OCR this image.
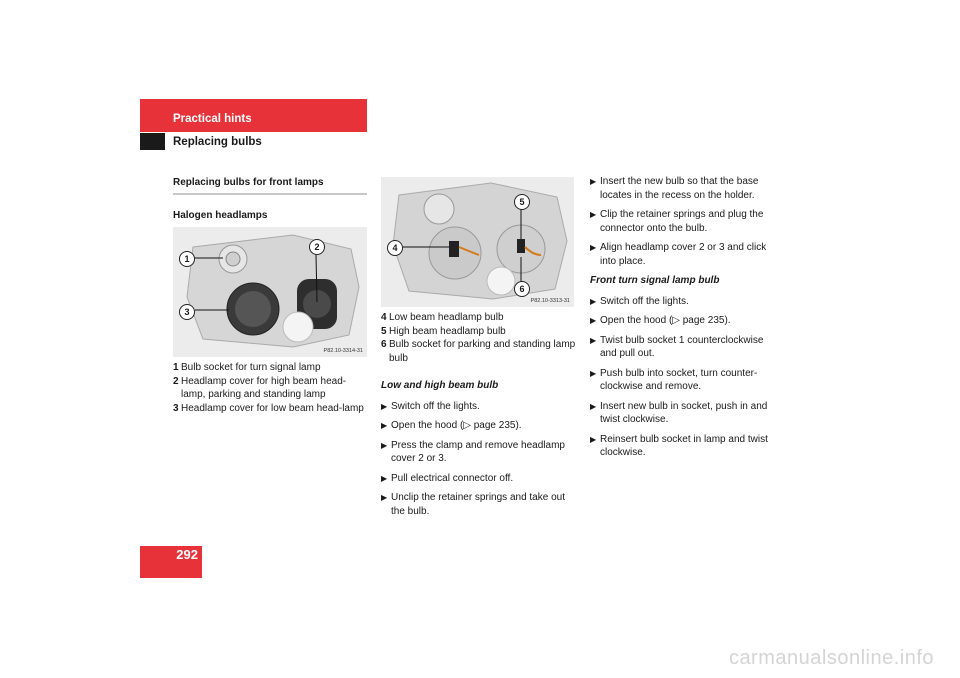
Practical hints
Replacing bulbs
Replacing bulbs for front lamps
Halogen headlamps
1
2
3
P82.10-3314-31
1 Bulb socket for turn signal lamp
2 Headlamp cover for high beam head-lamp, parking and standing lamp
3 Headlamp cover for low beam head-lamp
4
5
6
P82.10-3313-31
4 Low beam headlamp bulb
5 High beam headlamp bulb
6 Bulb socket for parking and standing lamp bulb
Low and high beam bulb
▶ Switch off the lights.
▶ Open the hood (▷ page 235).
▶ Press the clamp and remove headlamp cover 2 or 3.
▶ Pull electrical connector off.
▶ Unclip the retainer springs and take out the bulb.
▶ Insert the new bulb so that the base locates in the recess on the holder.
▶ Clip the retainer springs and plug the connector onto the bulb.
▶ Align headlamp cover 2 or 3 and click into place.
Front turn signal lamp bulb
▶ Switch off the lights.
▶ Open the hood (▷ page 235).
▶ Twist bulb socket 1 counterclockwise and pull out.
▶ Push bulb into socket, turn counter-clockwise and remove.
▶ Insert new bulb in socket, push in and twist clockwise.
▶ Reinsert bulb socket in lamp and twist clockwise.
292
carmanualsonline.info
